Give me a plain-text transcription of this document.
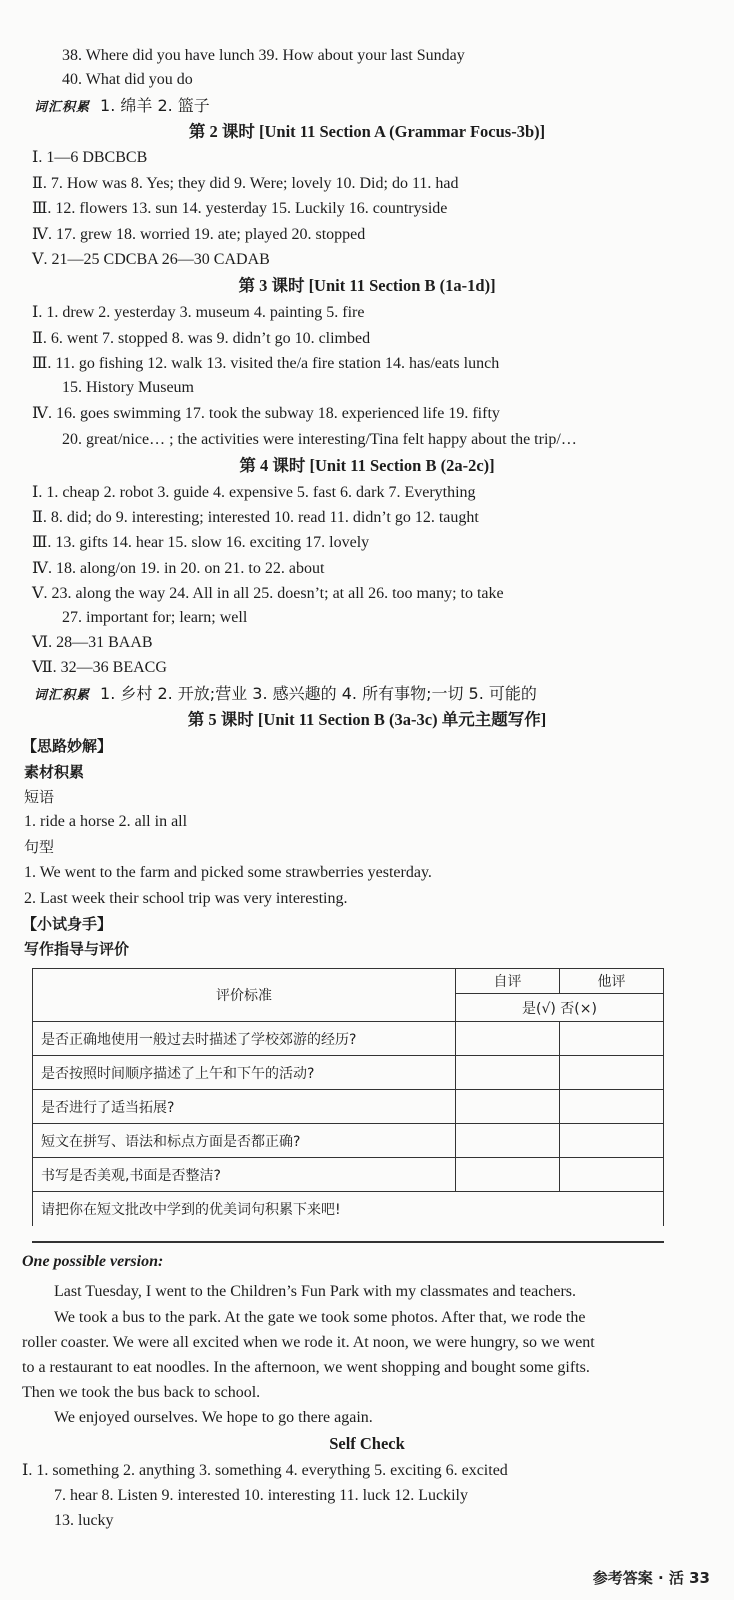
38. Where did you have lunch 39. How about your last Sunday
40. What did you do
词汇积累 1. 绵羊 2. 篮子
第 2 课时 [Unit 11 Section A (Grammar Focus-3b)]
Ⅰ. 1—6 DBCBCB
Ⅱ. 7. How was 8. Yes; they did 9. Were; lovely 10. Did; do 11. had
Ⅲ. 12. flowers 13. sun 14. yesterday 15. Luckily 16. countryside
Ⅳ. 17. grew 18. worried 19. ate; played 20. stopped
Ⅴ. 21—25 CDCBA 26—30 CADAB
第 3 课时 [Unit 11 Section B (1a-1d)]
Ⅰ. 1. drew 2. yesterday 3. museum 4. painting 5. fire
Ⅱ. 6. went 7. stopped 8. was 9. didn’t go 10. climbed
Ⅲ. 11. go fishing 12. walk 13. visited the/a fire station 14. has/eats lunch
15. History Museum
Ⅳ. 16. goes swimming 17. took the subway 18. experienced life 19. fifty
20. great/nice… ; the activities were interesting/Tina felt happy about the trip/…
第 4 课时 [Unit 11 Section B (2a-2c)]
Ⅰ. 1. cheap 2. robot 3. guide 4. expensive 5. fast 6. dark 7. Everything
Ⅱ. 8. did; do 9. interesting; interested 10. read 11. didn’t go 12. taught
Ⅲ. 13. gifts 14. hear 15. slow 16. exciting 17. lovely
Ⅳ. 18. along/on 19. in 20. on 21. to 22. about
Ⅴ. 23. along the way 24. All in all 25. doesn’t; at all 26. too many; to take
27. important for; learn; well
Ⅵ. 28—31 BAAB
Ⅶ. 32—36 BEACG
词汇积累 1. 乡村 2. 开放;营业 3. 感兴趣的 4. 所有事物;一切 5. 可能的
第 5 课时 [Unit 11 Section B (3a-3c) 单元主题写作]
【思路妙解】
素材积累
短语
1. ride a horse 2. all in all
句型
1. We went to the farm and picked some strawberries yesterday.
2. Last week their school trip was very interesting.
【小试身手】
写作指导与评价
评价标准	自评	他评
	是(√) 否(×)	
是否正确地使用一般过去时描述了学校郊游的经历?		
是否按照时间顺序描述了上午和下午的活动?		
是否进行了适当拓展?		
短文在拼写、语法和标点方面是否都正确?		
书写是否美观,书面是否整洁?		
请把你在短文批改中学到的优美词句积累下来吧!		
One possible version:
Last Tuesday, I went to the Children’s Fun Park with my classmates and teachers.
We took a bus to the park. At the gate we took some photos. After that, we rode the
roller coaster. We were all excited when we rode it. At noon, we were hungry, so we went
to a restaurant to eat noodles. In the afternoon, we went shopping and bought some gifts.
Then we took the bus back to school.
We enjoyed ourselves. We hope to go there again.
Self Check
Ⅰ. 1. something 2. anything 3. something 4. everything 5. exciting 6. excited
7. hear 8. Listen 9. interested 10. interesting 11. luck 12. Luckily
13. lucky
参考答案 · 活 33
